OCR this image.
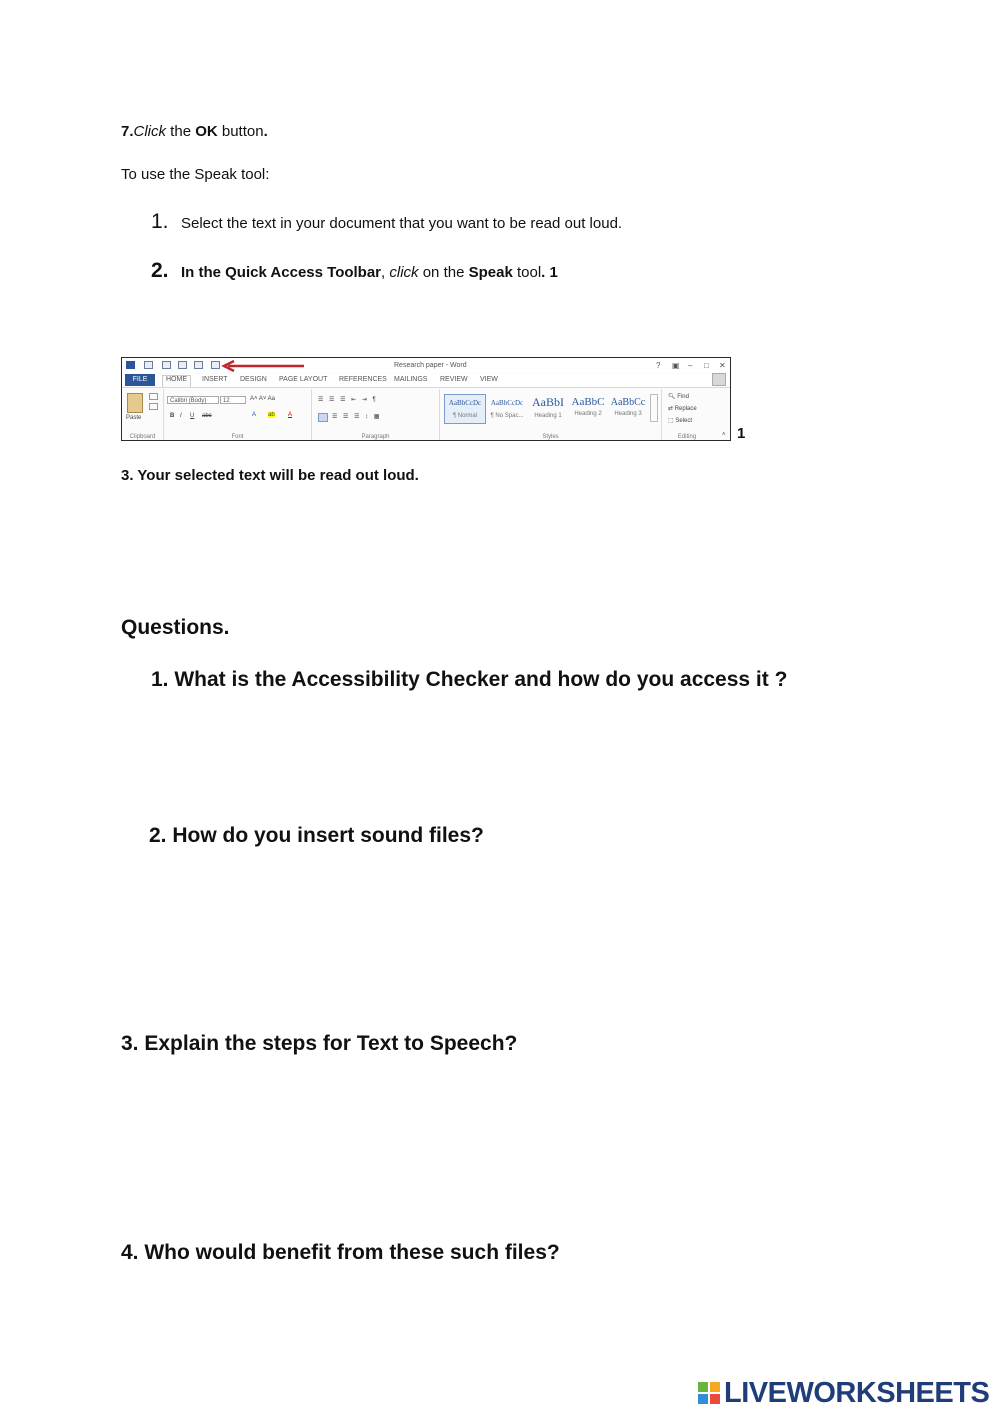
7.Click the OK button.
To use the Speak tool:
1. Select the text in your document that you want to be read out loud.
2. In the Quick Access Toolbar, click on the Speak tool. 1
Research paper - Word	? ▣ – □ ✕
FILE	HOME	INSERT DESIGN PAGE LAYOUT REFERENCES MAILINGS REVIEW VIEW
Paste
Clipboard
Calibri (Body)	12	A˄ A˅ Aa
B I U abc	A ab A
Font
☰ ☰ ☰ ⇤ ⇥ ¶
☰ ☰ ☰ ↕ ▦
Paragraph
AaBbCcDc
¶ Normal
AaBbCcDc
¶ No Spac...
AaBbI
Heading 1
AaBbC
Heading 2
AaBbCc
Heading 3
Styles
🔍︎ Find
⇄ Replace
⬚ Select
Editing	˄ 1
3. Your selected text will be read out loud.
Questions.
1. What is the Accessibility Checker and how do you access it ?
2. How do you insert sound files?
3. Explain the steps for Text to Speech?
4. Who would benefit from these such files?
LIVEWORKSHEETS
